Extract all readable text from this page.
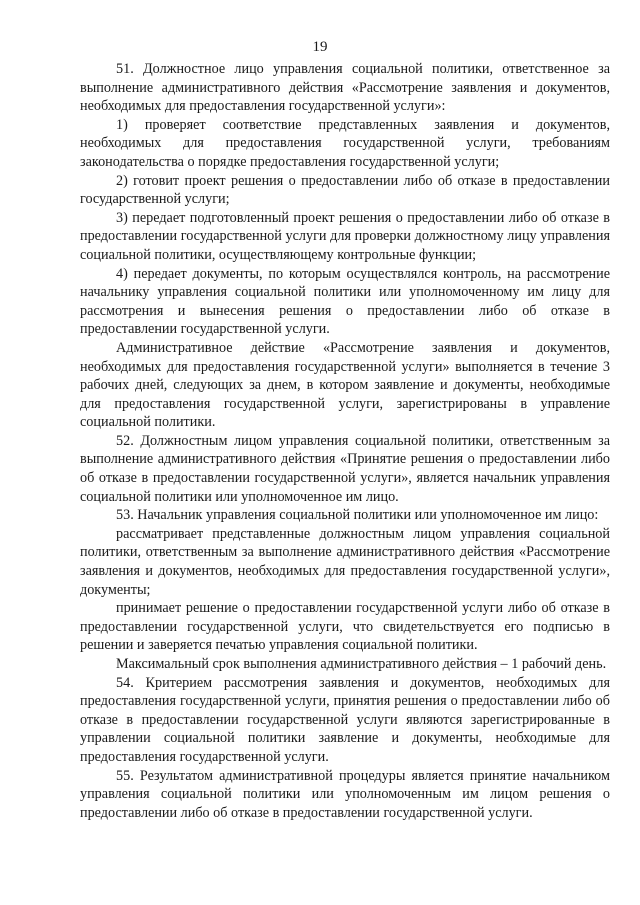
19

51. Должностное лицо управления социальной политики, ответственное за выполнение административного действия «Рассмотрение заявления и документов, необходимых для предоставления государственной услуги»:

1) проверяет соответствие представленных заявления и документов, необходимых для предоставления государственной услуги, требованиям законодательства о порядке предоставления государственной услуги;

2) готовит проект решения о предоставлении либо об отказе в предоставлении государственной услуги;

3) передает подготовленный проект решения о предоставлении либо об отказе в предоставлении государственной услуги для проверки должностному лицу управления социальной политики, осуществляющему контрольные функции;

4) передает документы, по которым осуществлялся контроль, на рассмотрение начальнику управления социальной политики или уполномоченному им лицу для рассмотрения и вынесения решения о предоставлении либо об отказе в предоставлении государственной услуги.

Административное действие «Рассмотрение заявления и документов, необходимых для предоставления государственной услуги» выполняется в течение 3 рабочих дней, следующих за днем, в котором заявление и документы, необходимые для предоставления государственной услуги, зарегистрированы в управление социальной политики.

52. Должностным лицом управления социальной политики, ответственным за выполнение административного действия «Принятие решения о предоставлении либо об отказе в предоставлении государственной услуги», является начальник управления социальной политики или уполномоченное им лицо.

53. Начальник управления социальной политики или уполномоченное им лицо:

рассматривает представленные должностным лицом управления социальной политики, ответственным за выполнение административного действия «Рассмотрение заявления и документов, необходимых для предоставления государственной услуги», документы;

принимает решение о предоставлении государственной услуги либо об отказе в предоставлении государственной услуги, что свидетельствуется его подписью в решении и заверяется печатью управления социальной политики.

Максимальный срок выполнения административного действия – 1 рабочий день.

54. Критерием рассмотрения заявления и документов, необходимых для предоставления государственной услуги, принятия решения о предоставлении либо об отказе в предоставлении государственной услуги являются зарегистрированные в управлении социальной политики заявление и документы, необходимые для предоставления государственной услуги.

55. Результатом административной процедуры является принятие начальником управления социальной политики или уполномоченным им лицом решения о предоставлении либо об отказе в предоставлении государственной услуги.
